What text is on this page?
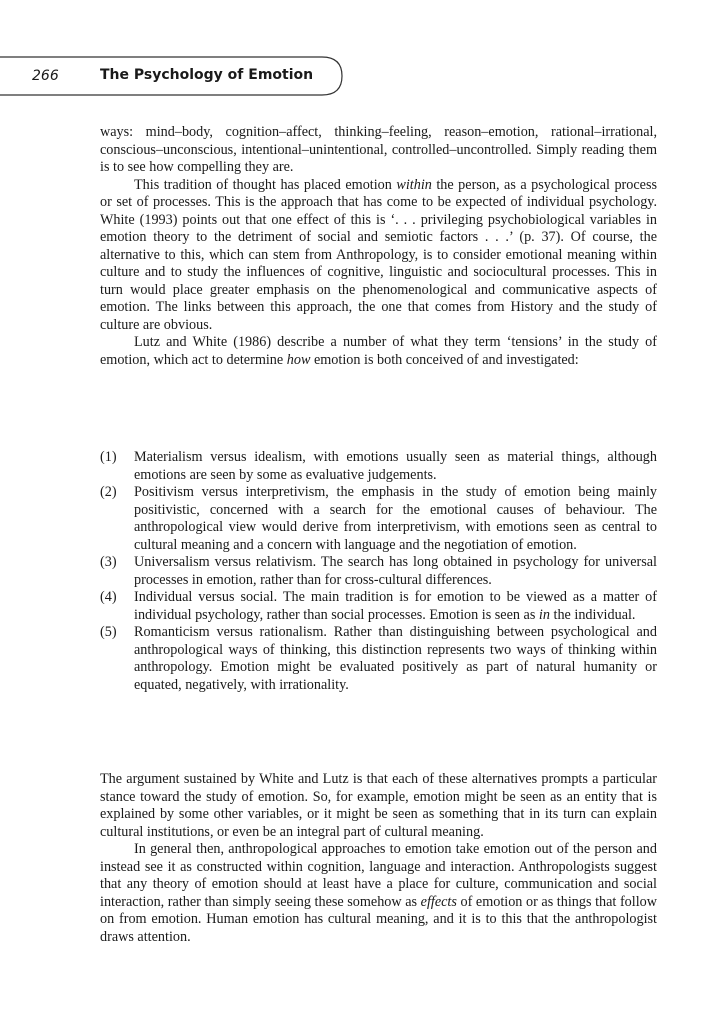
266	The Psychology of Emotion

ways: mind–body, cognition–affect, thinking–feeling, reason–emotion, rational–irrational, conscious–unconscious, intentional–unintentional, controlled–uncontrolled. Simply reading them is to see how compelling they are.

This tradition of thought has placed emotion within the person, as a psychological process or set of processes. This is the approach that has come to be expected of individual psychology. White (1993) points out that one effect of this is ‘. . . privileging psychobiological variables in emotion theory to the detriment of social and semiotic factors . . .’ (p. 37). Of course, the alternative to this, which can stem from Anthropology, is to consider emotional meaning within culture and to study the influences of cognitive, linguistic and sociocultural processes. This in turn would place greater emphasis on the phenomenological and communicative aspects of emotion. The links between this approach, the one that comes from History and the study of culture are obvious.

Lutz and White (1986) describe a number of what they term ‘tensions’ in the study of emotion, which act to determine how emotion is both conceived of and investigated:

(1)	Materialism versus idealism, with emotions usually seen as material things, although emotions are seen by some as evaluative judgements.
(2)	Positivism versus interpretivism, the emphasis in the study of emotion being mainly positivistic, concerned with a search for the emotional causes of behaviour. The anthropological view would derive from interpretivism, with emotions seen as central to cultural meaning and a concern with language and the negotiation of emotion.
(3)	Universalism versus relativism. The search has long obtained in psychology for universal processes in emotion, rather than for cross-cultural differences.
(4)	Individual versus social. The main tradition is for emotion to be viewed as a matter of individual psychology, rather than social processes. Emotion is seen as in the individual.
(5)	Romanticism versus rationalism. Rather than distinguishing between psychological and anthropological ways of thinking, this distinction represents two ways of thinking within anthropology. Emotion might be evaluated positively as part of natural humanity or equated, negatively, with irrationality.

The argument sustained by White and Lutz is that each of these alternatives prompts a particular stance toward the study of emotion. So, for example, emotion might be seen as an entity that is explained by some other variables, or it might be seen as something that in its turn can explain cultural institutions, or even be an integral part of cultural meaning.

In general then, anthropological approaches to emotion take emotion out of the person and instead see it as constructed within cognition, language and interaction. Anthropologists suggest that any theory of emotion should at least have a place for culture, communication and social interaction, rather than simply seeing these somehow as effects of emotion or as things that follow on from emotion. Human emotion has cultural meaning, and it is to this that the anthropologist draws attention.
